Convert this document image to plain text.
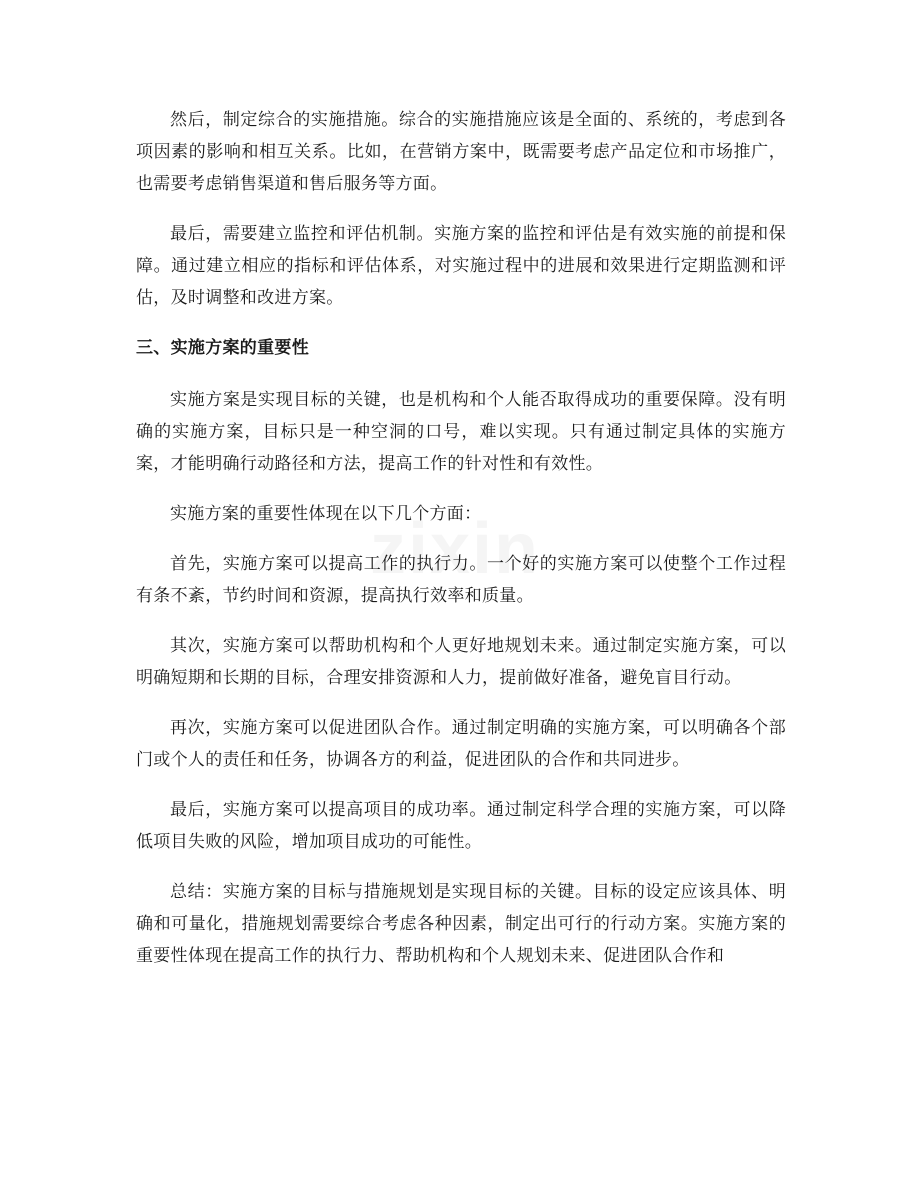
zixin

然后，制定综合的实施措施。综合的实施措施应该是全面的、系统的，考虑到各项因素的影响和相互关系。比如，在营销方案中，既需要考虑产品定位和市场推广，也需要考虑销售渠道和售后服务等方面。

最后，需要建立监控和评估机制。实施方案的监控和评估是有效实施的前提和保障。通过建立相应的指标和评估体系，对实施过程中的进展和效果进行定期监测和评估，及时调整和改进方案。

三、实施方案的重要性

实施方案是实现目标的关键，也是机构和个人能否取得成功的重要保障。没有明确的实施方案，目标只是一种空洞的口号，难以实现。只有通过制定具体的实施方案，才能明确行动路径和方法，提高工作的针对性和有效性。

实施方案的重要性体现在以下几个方面：

首先，实施方案可以提高工作的执行力。一个好的实施方案可以使整个工作过程有条不紊，节约时间和资源，提高执行效率和质量。

其次，实施方案可以帮助机构和个人更好地规划未来。通过制定实施方案，可以明确短期和长期的目标，合理安排资源和人力，提前做好准备，避免盲目行动。

再次，实施方案可以促进团队合作。通过制定明确的实施方案，可以明确各个部门或个人的责任和任务，协调各方的利益，促进团队的合作和共同进步。

最后，实施方案可以提高项目的成功率。通过制定科学合理的实施方案，可以降低项目失败的风险，增加项目成功的可能性。

总结：实施方案的目标与措施规划是实现目标的关键。目标的设定应该具体、明确和可量化，措施规划需要综合考虑各种因素，制定出可行的行动方案。实施方案的重要性体现在提高工作的执行力、帮助机构和个人规划未来、促进团队合作和
